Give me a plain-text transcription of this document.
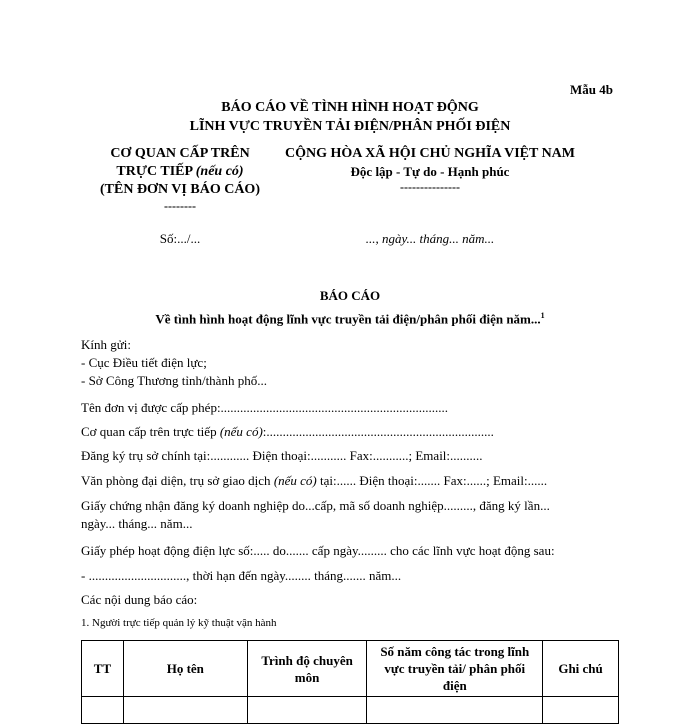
Mẫu 4b
BÁO CÁO VỀ TÌNH HÌNH HOẠT ĐỘNG
LĨNH VỰC TRUYỀN TẢI ĐIỆN/PHÂN PHỐI ĐIỆN
CƠ QUAN CẤP TRÊN
TRỰC TIẾP (nếu có)
(TÊN ĐƠN VỊ BÁO CÁO)
--------
Số:.../...
CỘNG HÒA XÃ HỘI CHỦ NGHĨA VIỆT NAM
Độc lập - Tự do - Hạnh phúc
---------------
..., ngày... tháng... năm...
BÁO CÁO
Về tình hình hoạt động lĩnh vực truyền tải điện/phân phối điện năm...$^1$
Kính gửi:
- Cục Điều tiết điện lực;
- Sở Công Thương tỉnh/thành phố...
Tên đơn vị được cấp phép:......................................................................
Cơ quan cấp trên trực tiếp (nếu có):......................................................................
Đăng ký trụ sở chính tại:............ Điện thoại:........... Fax:...........; Email:..........
Văn phòng đại diện, trụ sở giao dịch (nếu có) tại:...... Điện thoại:....... Fax:......; Email:......
Giấy chứng nhận đăng ký doanh nghiệp do...cấp, mã số doanh nghiệp........., đăng ký lần...
ngày... tháng... năm...
Giấy phép hoạt động điện lực số:..... do....... cấp ngày......... cho các lĩnh vực hoạt động sau:
- .............................., thời hạn đến ngày........ tháng....... năm...
Các nội dung báo cáo:
1. Người trực tiếp quản lý kỹ thuật vận hành
TT	Họ tên	Trình độ chuyên môn	Số năm công tác trong lĩnh vực truyền tải/ phân phối điện	Ghi chú
